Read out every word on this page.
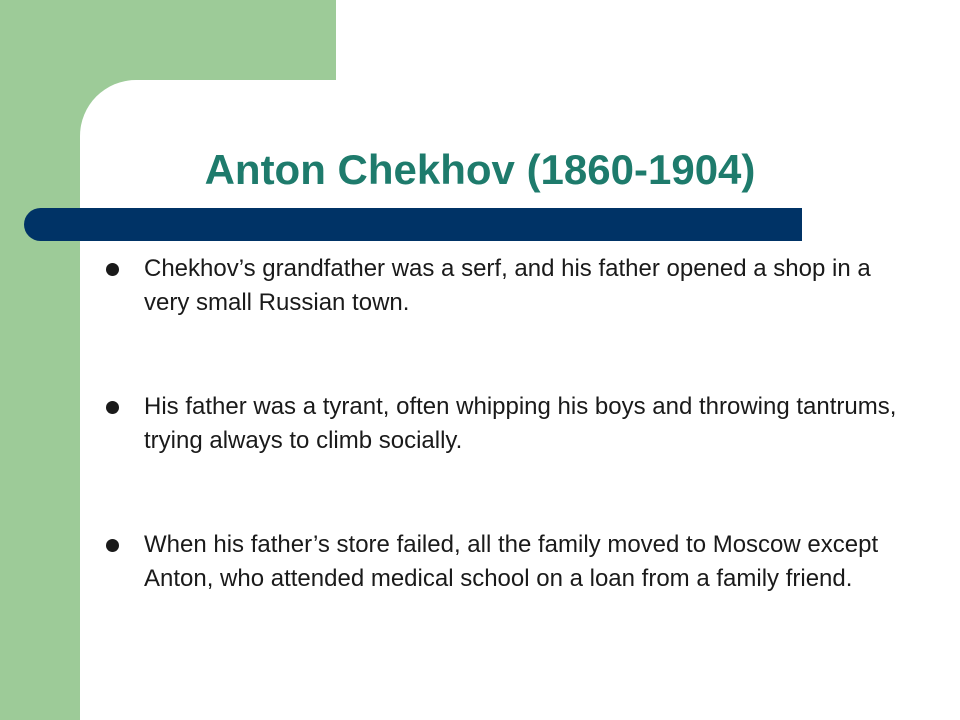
Anton Chekhov (1860-1904)
Chekhov’s grandfather was a serf, and his father opened a shop in a very small Russian town.
His father was a tyrant, often whipping his boys and throwing tantrums, trying always to climb socially.
When his father’s store failed, all the family moved to Moscow except Anton, who attended medical school on a loan from a family friend.
